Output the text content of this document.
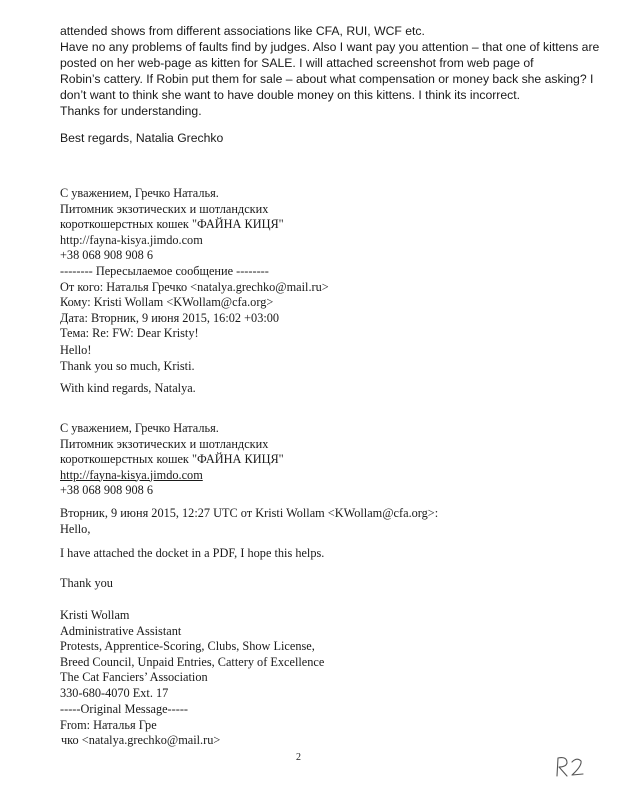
attended shows from different associations like CFA, RUI, WCF etc.
Have no any problems of faults find by judges. Also I want pay you attention – that one of kittens are
posted on her web-page as kitten for SALE. I will attached screenshot from web page of
Robin’s cattery. If Robin put them for sale – about what compensation or money back she asking? I
don’t want to think she want to have double money on this kittens. I think its incorrect.
Thanks for understanding.
Best regards, Natalia Grechko
С уважением, Гречко Наталья.
Питомник экзотических и шотландских
короткошерстных кошек "ФАЙНА КИЦЯ"
http://fayna-kisya.jimdo.com
+38 068 908 908 6
-------- Пересылаемое сообщение --------
От кого: Наталья Гречко <natalya.grechko@mail.ru>
Кому: Kristi Wollam <KWollam@cfa.org>
Дата: Вторник, 9 июня 2015, 16:02 +03:00
Тема: Re: FW: Dear Kristy!
Hello!
Thank you so much, Kristi.
With kind regards, Natalya.
С уважением, Гречко Наталья.
Питомник экзотических и шотландских
короткошерстных кошек "ФАЙНА КИЦЯ"
http://fayna-kisya.jimdo.com
+38 068 908 908 6
Вторник, 9 июня 2015, 12:27 UTC от Kristi Wollam <KWollam@cfa.org>:
Hello,
I have attached the docket in a PDF, I hope this helps.
Thank you
Kristi Wollam
Administrative Assistant
Protests, Apprentice-Scoring, Clubs, Show License,
Breed Council, Unpaid Entries, Cattery of Excellence
The Cat Fanciers’ Association
330-680-4070 Ext. 17
-----Original Message-----
From: Наталья Гре
чко <natalya.grechko@mail.ru>
2
